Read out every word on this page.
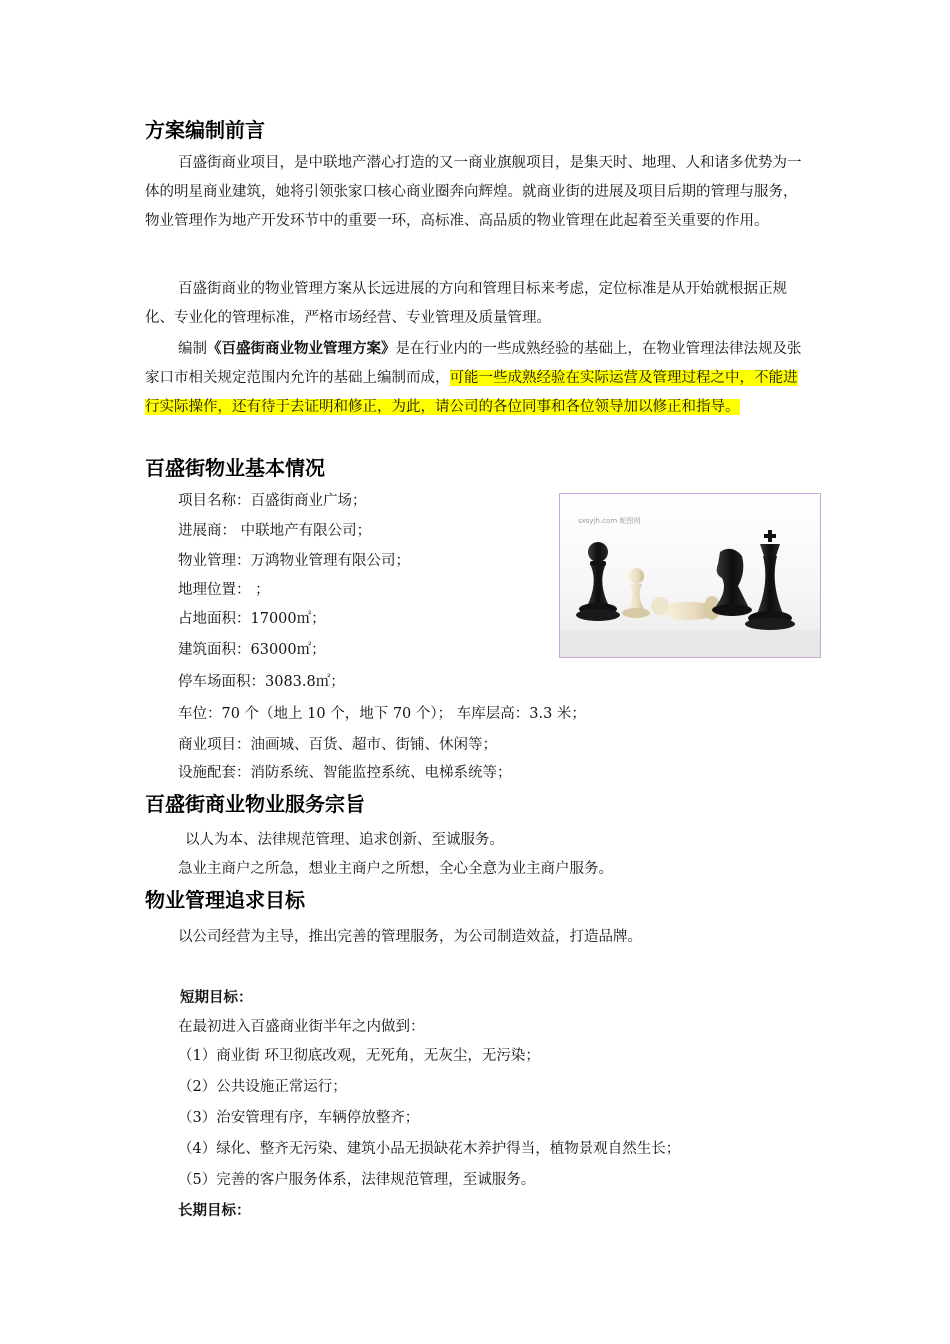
方案编制前言
百盛街商业项目，是中联地产潜心打造的又一商业旗舰项目，是集天时、地理、人和诸多优势为一体的明星商业建筑，她将引领张家口核心商业圈奔向辉煌。就商业街的进展及项目后期的管理与服务，物业管理作为地产开发环节中的重要一环，高标准、高品质的物业管理在此起着至关重要的作用。
百盛街商业的物业管理方案从长远进展的方向和管理目标来考虑，定位标准是从开始就根据正规化、专业化的管理标准，严格市场经营、专业管理及质量管理。
编制《百盛街商业物业管理方案》是在行业内的一些成熟经验的基础上，在物业管理法律法规及张家口市相关规定范围内允许的基础上编制而成，可能一些成熟经验在实际运营及管理过程之中，不能进行实际操作，还有待于去证明和修正，为此，请公司的各位同事和各位领导加以修正和指导。
百盛街物业基本情况
项目名称：百盛街商业广场；
进展商： 中联地产有限公司；
物业管理：万鸿物业管理有限公司；
地理位置： ；
占地面积：17000㎡；
建筑面积：63000㎡；
停车场面积：3083.8㎡；
车位：70 个（地上 10 个，地下 70 个）； 车库层高：3.3 米；
商业项目：油画城、百货、超市、街铺、休闲等；
设施配套：消防系统、智能监控系统、电梯系统等；
sxsyjh.com 昵图网
百盛街商业物业服务宗旨
以人为本、法律规范管理、追求创新、至诚服务。
急业主商户之所急，想业主商户之所想，全心全意为业主商户服务。
物业管理追求目标
以公司经营为主导，推出完善的管理服务，为公司制造效益，打造品牌。
短期目标：
在最初进入百盛商业街半年之内做到：
（1）商业街 环卫彻底改观，无死角，无灰尘，无污染；
（2）公共设施正常运行；
（3）治安管理有序，车辆停放整齐；
（4）绿化、整齐无污染、建筑小品无损缺花木养护得当，植物景观自然生长；
（5）完善的客户服务体系，法律规范管理，至诚服务。
长期目标：
